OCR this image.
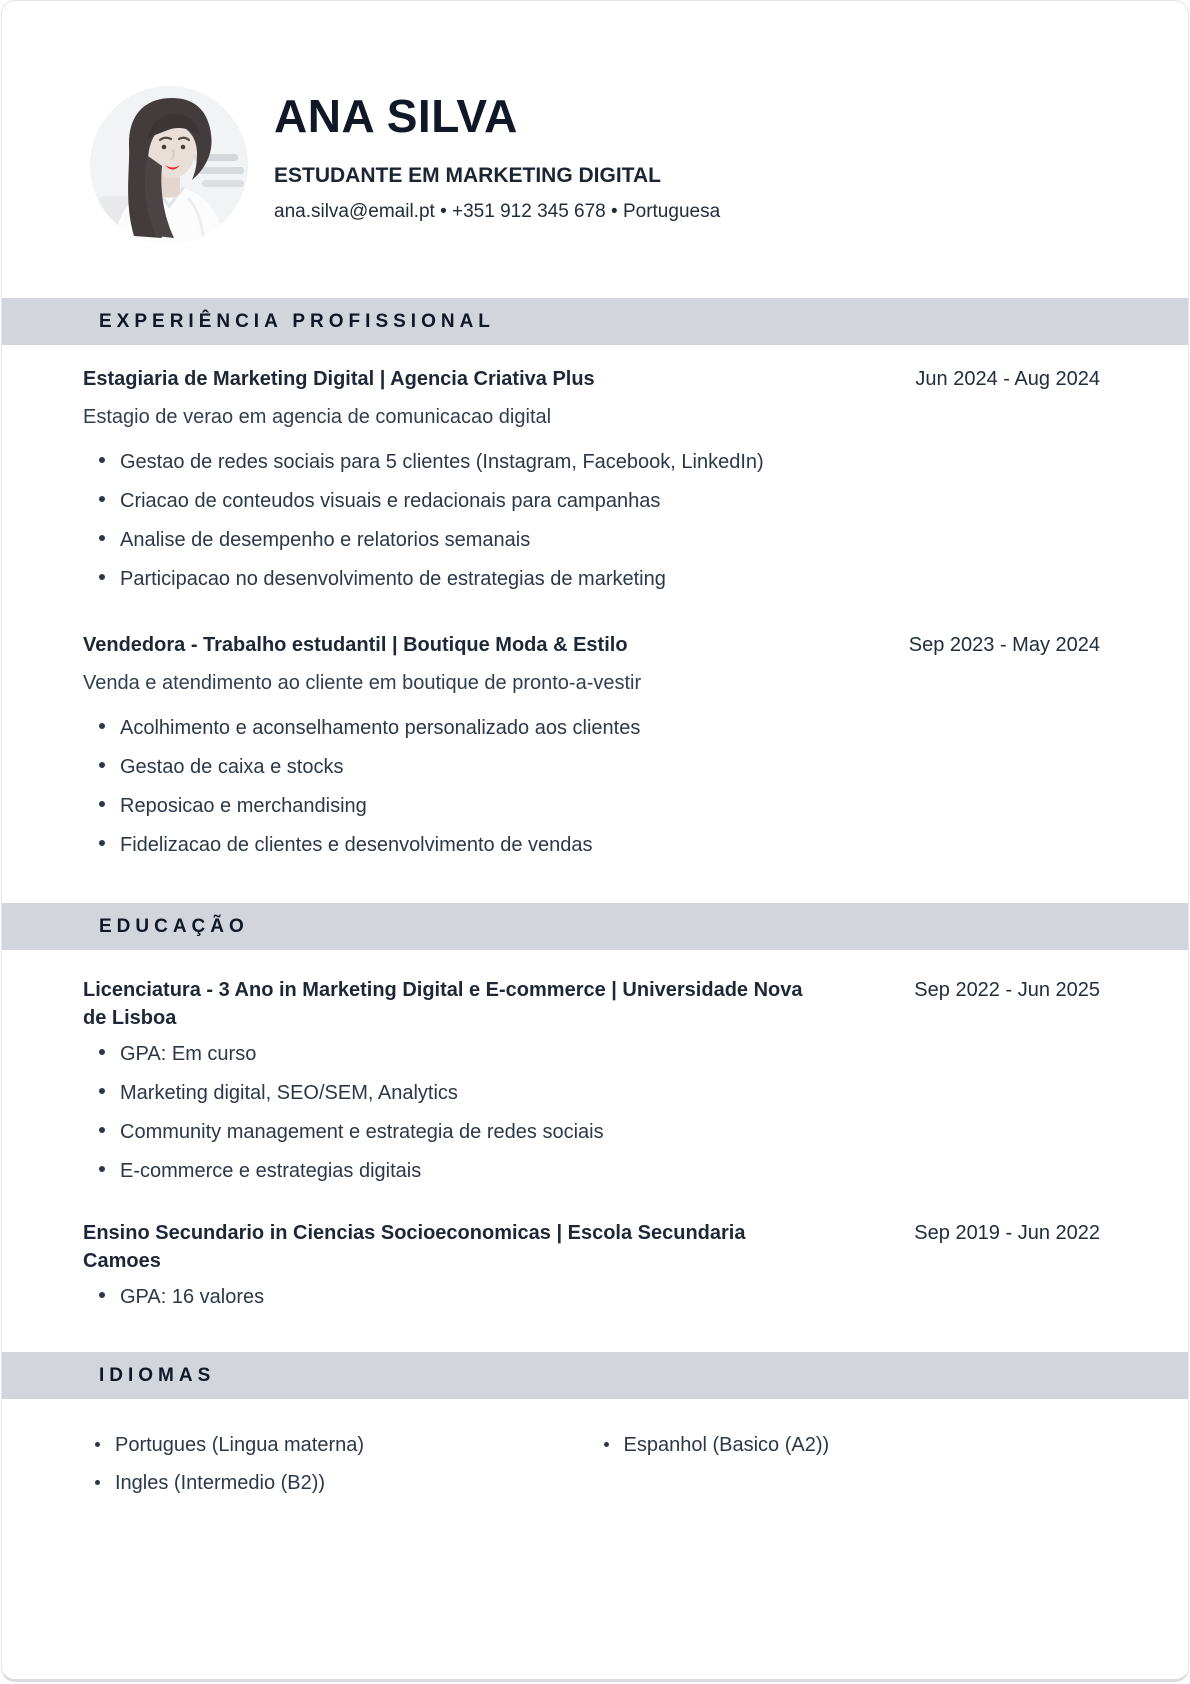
ANA SILVA
ESTUDANTE EM MARKETING DIGITAL
ana.silva@email.pt • +351 912 345 678 • Portuguesa
EXPERIÊNCIA PROFISSIONAL
Estagiaria de Marketing Digital | Agencia Criativa Plus	Jun 2024 - Aug 2024

Estagio de verao em agencia de comunicacao digital

Gestao de redes sociais para 5 clientes (Instagram, Facebook, LinkedIn)
Criacao de conteudos visuais e redacionais para campanhas
Analise de desempenho e relatorios semanais
Participacao no desenvolvimento de estrategias de marketing
Vendedora - Trabalho estudantil | Boutique Moda & Estilo	Sep 2023 - May 2024

Venda e atendimento ao cliente em boutique de pronto-a-vestir

Acolhimento e aconselhamento personalizado aos clientes
Gestao de caixa e stocks
Reposicao e merchandising
Fidelizacao de clientes e desenvolvimento de vendas
EDUCAÇÃO
Licenciatura - 3 Ano in Marketing Digital e E-commerce | Universidade Nova de Lisboa
Sep 2022 - Jun 2025
GPA: Em curso
Marketing digital, SEO/SEM, Analytics
Community management e estrategia de redes sociais
E-commerce e estrategias digitais
Ensino Secundario in Ciencias Socioeconomicas | Escola Secundaria Camoes
Sep 2019 - Jun 2022
GPA: 16 valores
IDIOMAS
Portugues (Lingua materna)	Espanhol (Basico (A2))
Ingles (Intermedio (B2))
